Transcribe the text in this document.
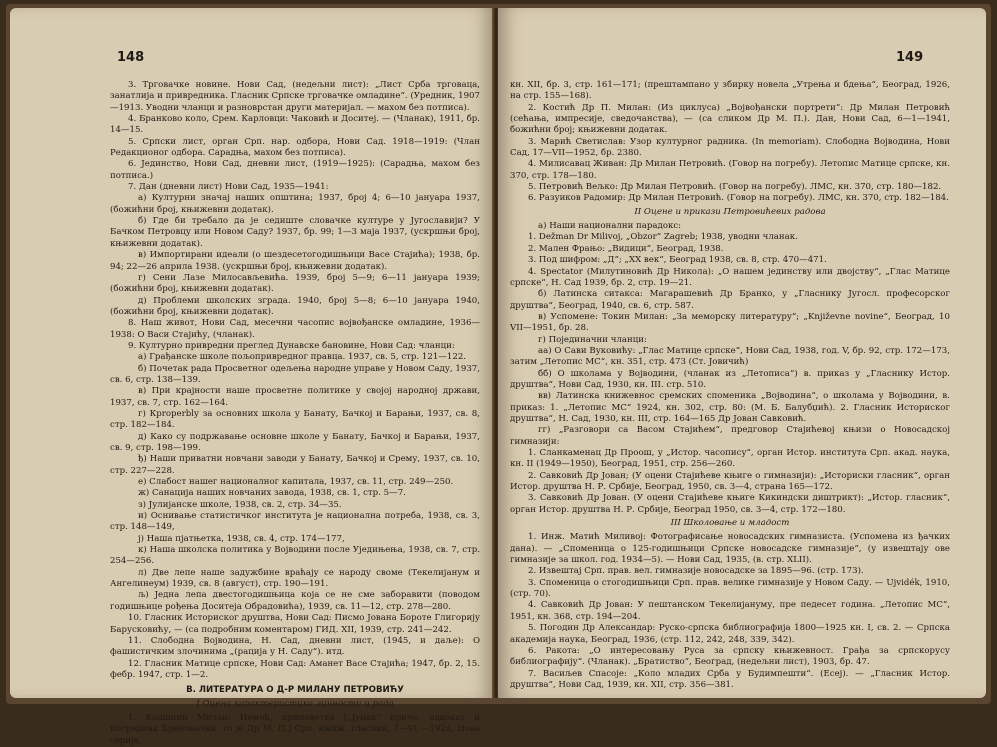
148

3. Трговачке новине. Нови Сад, (недељни лист): „Лист Срба трговаца, занатлија и привредника. Гласник Српске трговачке омладине“. (Уредник, 1907—1913. Уводни чланци и разноврстан други материјал. — махом без потписа).

4. Бранково коло, Срем. Карловци: Чаковић и Доситеј. — (Чланак), 1911, бр. 14—15.

5. Српски лист, орган Срп. нар. одбора, Нови Сад. 1918—1919: (Члан Редакционог одбора. Сарадња, махом без потписа).

6. Јединство, Нови Сад, дневни лист, (1919—1925): (Сарадња, махом без потписа.)

7. Дан (дневни лист) Нови Сад, 1935—1941:

а) Културни значај наших општина; 1937, број 4; 6—10 јануара 1937, (божићни број, књижевни додатак).

б) Где би требало да је седиште словачке културе у Југославији? У Бачком Петровцу или Новом Саду? 1937, бр. 99; 1—3 маја 1937, (ускршњи број, књижевни додатак).

в) Импортирани идеали (о шездесетогодишњици Васе Стајића); 1938, бр. 94; 22—26 априла 1938. (ускршњи број, књижевни додатак).

г) Сени Лазе Милосављевића. 1939, број 5—9; 6—11 јануара 1939; (божићни број, књижевни додатак).

д) Проблеми школских зграда. 1940, број 5—8; 6—10 јануара 1940, (божићни број, књижевни додатак).

8. Наш живот, Нови Сад, месечни часопис војвођанске омладине, 1936—1938: О Васи Стајићу, (чланак).

9. Културно привредни преглед Дунавске бановине, Нови Сад: чланци:

а) Грађанске школе пољопривредног правца. 1937, св. 5, стр. 121—122.

б) Почетак рада Просветног одељења народне управе у Новом Саду, 1937, св. 6, стр. 138—139.

в) При крајности наше просветне политике у својој народној држави, 1937, св. 7, стр. 162—164.

г) Кproperbly за основних школа у Банату, Бачкој и Барањи, 1937, св. 8, стр. 182—184.

д) Како су подржавање основне школе у Банату, Бачкој и Барањи, 1937, св. 9, стр. 198—199.

ђ) Наши приватни новчани заводи у Банату, Бачкој и Срему, 1937, св. 10, стр. 227—228.

е) Слабост нашег националног капитала, 1937, св. 11, стр. 249—250.

ж) Санација наших новчаних завода, 1938, св. 1, стр. 5—7.

з) Јулијанске школе, 1938, св. 2, стр. 34—35.

и) Оснивање статистичког института је национална потреба, 1938, св. 3, стр. 148—149,

ј) Наша пјатњетка, 1938, св. 4, стр. 174—177,

к) Наша школска политика у Војводини после Уједињења, 1938, св. 7, стр. 254—256.

л) Две лепе наше задужбине враћају се народу своме (Текелијанум и Ангелинеум) 1939, св. 8 (август), стр. 190—191.

љ) Једна лепа двестогодишњица која се не сме заборавити (поводом годишњице рођења Доситеја Обрадовића), 1939, св. 11—12, стр. 278—280.

10. Гласник Историског друштва, Нови Сад: Писмо Јована Бороте Глигорију Барусковићу, — (са подробним коментаром) ГИД. XII, 1939, стр. 241—242.

11. Слободна Војводина, Н. Сад, дневни лист, (1945, и даље): О фашистичким злочинима „(рација у Н. Саду“). итд.

12. Гласник Матице српске, Нови Сад: Аманет Васе Стајића; 1947, бр. 2, 15. фебр. 1947, стр. 1—2.

В. ЛИТЕРАТУРА О Д-Р МИЛАНУ ПЕТРОВИЋУ

I Оцена карактеристика личности и рада

1. Капшини Милан: Немоћ, приповетка [„Јунак“ приче, адвокат и посредник Брановачки, то је Др М. П.] Срп. књиж. гласник, 1—VI —1924, Нова серија,

149

кн. XII, бр. 3, стр. 161—171; (прештампано у збирку новела „Утрења и бдења“, Београд, 1926, на стр. 155—168).

2. Костић Др П. Милан: (Из циклуса) „Војвођански портрети“: Др Милан Петровић (сећања, импресије, сведочанства), — (са сликом Др М. П.). Дан, Нови Сад, 6—1—1941, божићни број; књижевни додатак.

3. Марић Светислав: Узор културног радника. (In memoriam). Слободна Војводина, Нови Сад, 17—VII—1952, бр. 2380.

4. Милисавац Живан: Др Милан Петровић. (Говор на погребу). Летопис Матице српске, кн. 370, стр. 178—180.

5. Петровић Вељко: Др Милан Петровић. (Говор на погребу). ЛМС, кн. 370, стр. 180—182.

6. Разуиков Радомир: Др Милан Петровић. (Говор на погребу). ЛМС, кн. 370, стр. 182—184.

II Оцене и прикази Петровићевих радова

а) Наши национални парадокс:

1. Dežman Dr Milivoj, „Obzor“ Zagreb; 1938, уводни чланак.

2. Мален Фрањо: „Видици“, Београд, 1938.

3. Под шифром: „Д“; „XX век“, Београд 1938, св. 8, стр. 470—471.

4. Spectator (Милутиновић Др Никола): „О нашем јединству или двојству“, „Глас Матице српске“, Н. Сад 1939, бр. 2, стр. 19—21.

б) Латинска ситакса: Магарашевић Др Бранко, у „Гласнику Југосл. професорског друштва“, Београд, 1940, св. 6, стр. 587.

в) Успомене: Токин Милан: „За меморскy литературу“; „Književne novine“, Београд, 10 VII—1951, бр. 28.

г) Појединачни чланци:

аа) О Сави Вуковићу: „Глас Матице српске“, Нови Сад, 1938, год. V, бр. 92, стр. 172—173, затим „Летопис МС“, кн. 351, стр. 473 (Ст. Јовичић)

бб) О школама у Војводини, (чланак из „Летописа“) в. приказ у „Гласнику Истор. друштва“, Нови Сад, 1930, кн. III. стр. 510.

вв) Латинска книжевнос сремских спомeника „Војводина“, о школама у Војводини, в. приказ: 1. „Летопис МС“ 1924, кн. 302, стр. 80: (М. Б. Балубџић). 2. Гласник Историског друштва“, Н. Сад, 1930, кн. III, стр. 164—165 Др Јован Сaвковић.

гг) „Разговори са Васом Стајићем“, предговор Стајићевој књизи о Новосадској гимназији:

1. Сланкаменац Др Проош, у „Истор. часопису“, орган Истор. института Срп. акад. наука, кн. II (1949—1950), Београд, 1951, стр. 256—260.

2. Савковић Др Јован; (У оцени Стајићеве књиге о гимназији): „Историски гласник“, орган Истор. друштва Н. Р. Србије, Београд, 1950, св. 3—4, страна 165—172.

3. Савковић Др Јован. (У оцени Стајићеве књиге Кикиндски диштрикт): „Истор. гласник“, орган Истор. друштва Н. Р. Србије, Београд 1950, св. 3—4, стр. 172—180.

III Школовање и младост

1. Инж. Матић Миливој: Фотографисање новосадских гимназиста. (Успомена из ђачких дана). — „Споменица о 125-годишњици Српске новосадске гимназије“, (у извештају ове гимназије за школ. год. 1934—5). — Нови Сад, 1935, (в. стр. XLII).

2. Извештај Срп. прав. вел. гимназије новосадске за 1895—96. (стр. 173).

3. Споменица о стогодишњици Срп. прав. велике гимназије у Новом Саду. — Ujvidék, 1910, (стр. 70).

4. Савковић Др Јован: У пештанском Текелијануму, пре педесет година. „Летопис МС“, 1951, кн. 368, стр. 194—204.

5. Погодин Др Александар: Руско-српска библиографија 1800—1925 кн. I, св. 2. — Српска академија наука, Београд, 1936, (стр. 112, 242, 248, 339, 342).

6. Ракота: „О интересовању Руса за српску књижевност. Грађа за српскорусу библиографију“. (Чланак). „Братиство“, Београд, (недељни лист), 1903, бр. 47.

7. Васиљев Спасоје: „Коло младих Срба у Будимпешти“. (Есеј). — „Гласник Истор. друштва“, Нови Сад, 1939, кн. XII, стр. 356—381.
